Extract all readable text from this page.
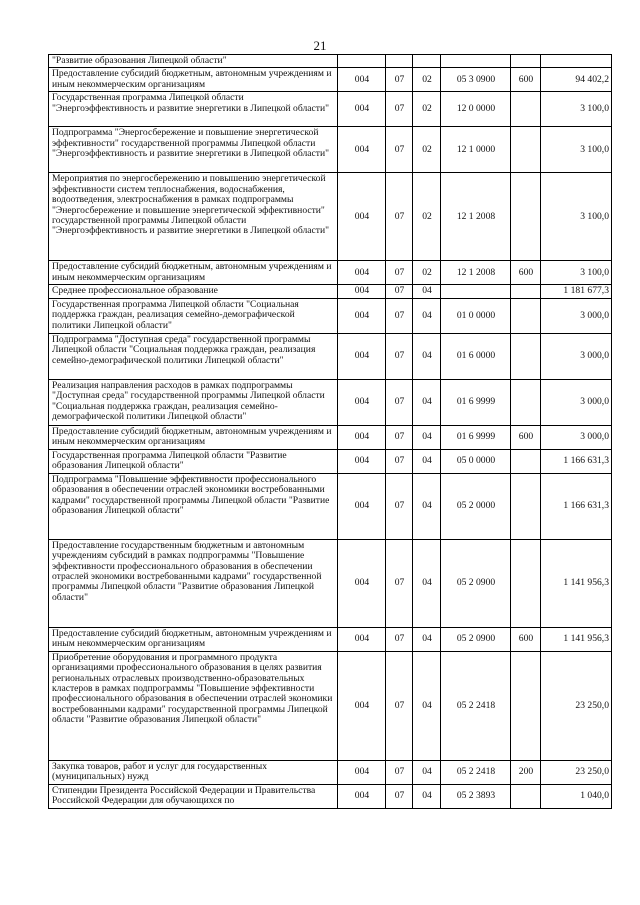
21
"Развитие образования Липецкой области"						
Предоставление субсидий бюджетным, автономным учреждениям и иным некоммерческим организациям	004	07	02	05 3 0900	600	94 402,2
Государственная программа Липецкой области "Энергоэффективность и развитие энергетики в Липецкой области"	004	07	02	12 0 0000		3 100,0
Подпрограмма "Энергосбережение и повышение энергетической эффективности" государственной программы Липецкой области "Энергоэффективность и развитие энергетики в Липецкой области"	004	07	02	12 1 0000		3 100,0
Мероприятия по энергосбережению и повышению энергетической эффективности систем теплоснабжения, водоснабжения, водоотведения, электроснабжения в рамках подпрограммы "Энергосбережение и повышение энергетической эффективности" государственной программы Липецкой области "Энергоэффективность и развитие энергетики в Липецкой области"	004	07	02	12 1 2008		3 100,0
Предоставление субсидий бюджетным, автономным учреждениям и иным некоммерческим организациям	004	07	02	12 1 2008	600	3 100,0
Среднее профессиональное образование	004	07	04			1 181 677,3
Государственная программа Липецкой области "Социальная поддержка граждан, реализация семейно-демографической политики Липецкой области"	004	07	04	01 0 0000		3 000,0
Подпрограмма "Доступная среда" государственной программы Липецкой области "Социальная поддержка граждан, реализация семейно-демографической политики Липецкой области"	004	07	04	01 6 0000		3 000,0
Реализация направления расходов в рамках подпрограммы "Доступная среда" государственной программы Липецкой области "Социальная поддержка граждан, реализация семейно-демографической политики Липецкой области"	004	07	04	01 6 9999		3 000,0
Предоставление субсидий бюджетным, автономным учреждениям и иным некоммерческим организациям	004	07	04	01 6 9999	600	3 000,0
Государственная программа Липецкой области "Развитие образования Липецкой области"	004	07	04	05 0 0000		1 166 631,3
Подпрограмма "Повышение эффективности профессионального образования в обеспечении отраслей экономики востребованными кадрами" государственной программы Липецкой области "Развитие образования Липецкой области"	004	07	04	05 2 0000		1 166 631,3
Предоставление государственным бюджетным и автономным учреждениям субсидий в рамках подпрограммы "Повышение эффективности профессионального образования в обеспечении отраслей экономики востребованными кадрами" государственной программы Липецкой области "Развитие образования Липецкой области"	004	07	04	05 2 0900		1 141 956,3
Предоставление субсидий бюджетным, автономным учреждениям и иным некоммерческим организациям	004	07	04	05 2 0900	600	1 141 956,3
Приобретение оборудования и программного продукта организациями профессионального образования в целях развития региональных отраслевых производственно-образовательных кластеров в рамках подпрограммы "Повышение эффективности профессионального образования в обеспечении отраслей экономики востребованными кадрами" государственной программы Липецкой области "Развитие образования Липецкой области"	004	07	04	05 2 2418		23 250,0
Закупка товаров, работ и услуг для государственных (муниципальных) нужд	004	07	04	05 2 2418	200	23 250,0
Стипендии Президента Российской Федерации и Правительства Российской Федерации для обучающихся по	004	07	04	05 2 3893		1 040,0
